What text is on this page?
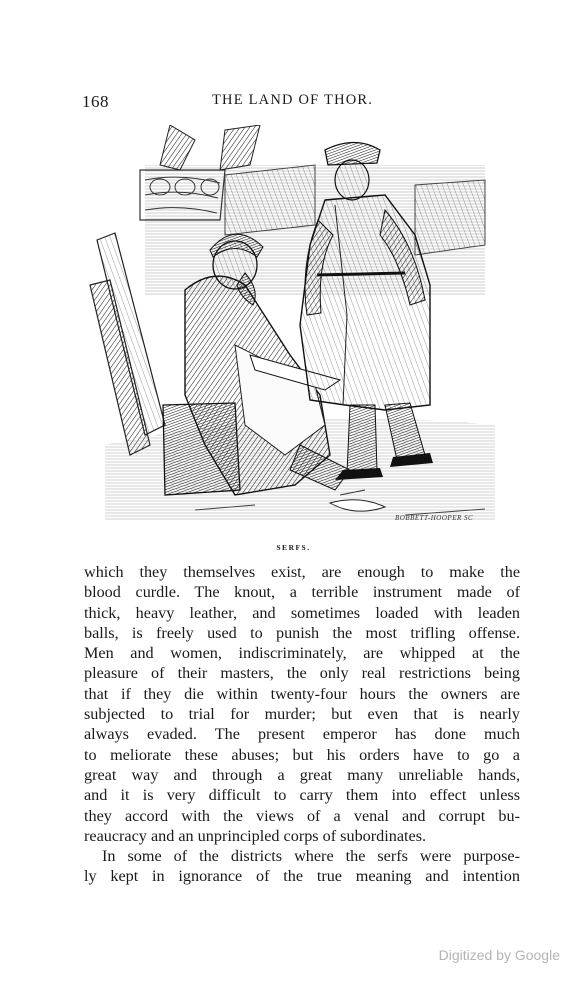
168	THE LAND OF THOR.
BOBBETT-HOOPER SC
SERFS.
which they themselves exist, are enough to make the
blood curdle. The knout, a terrible instrument made of
thick, heavy leather, and sometimes loaded with leaden
balls, is freely used to punish the most trifling offense.
Men and women, indiscriminately, are whipped at the
pleasure of their masters, the only real restrictions being
that if they die within twenty-four hours the owners are
subjected to trial for murder; but even that is nearly
always evaded. The present emperor has done much
to meliorate these abuses; but his orders have to go a
great way and through a great many unreliable hands,
and it is very difficult to carry them into effect unless
they accord with the views of a venal and corrupt bu-
reaucracy and an unprincipled corps of subordinates.
In some of the districts where the serfs were purpose-
ly kept in ignorance of the true meaning and intention
Digitized by Google
